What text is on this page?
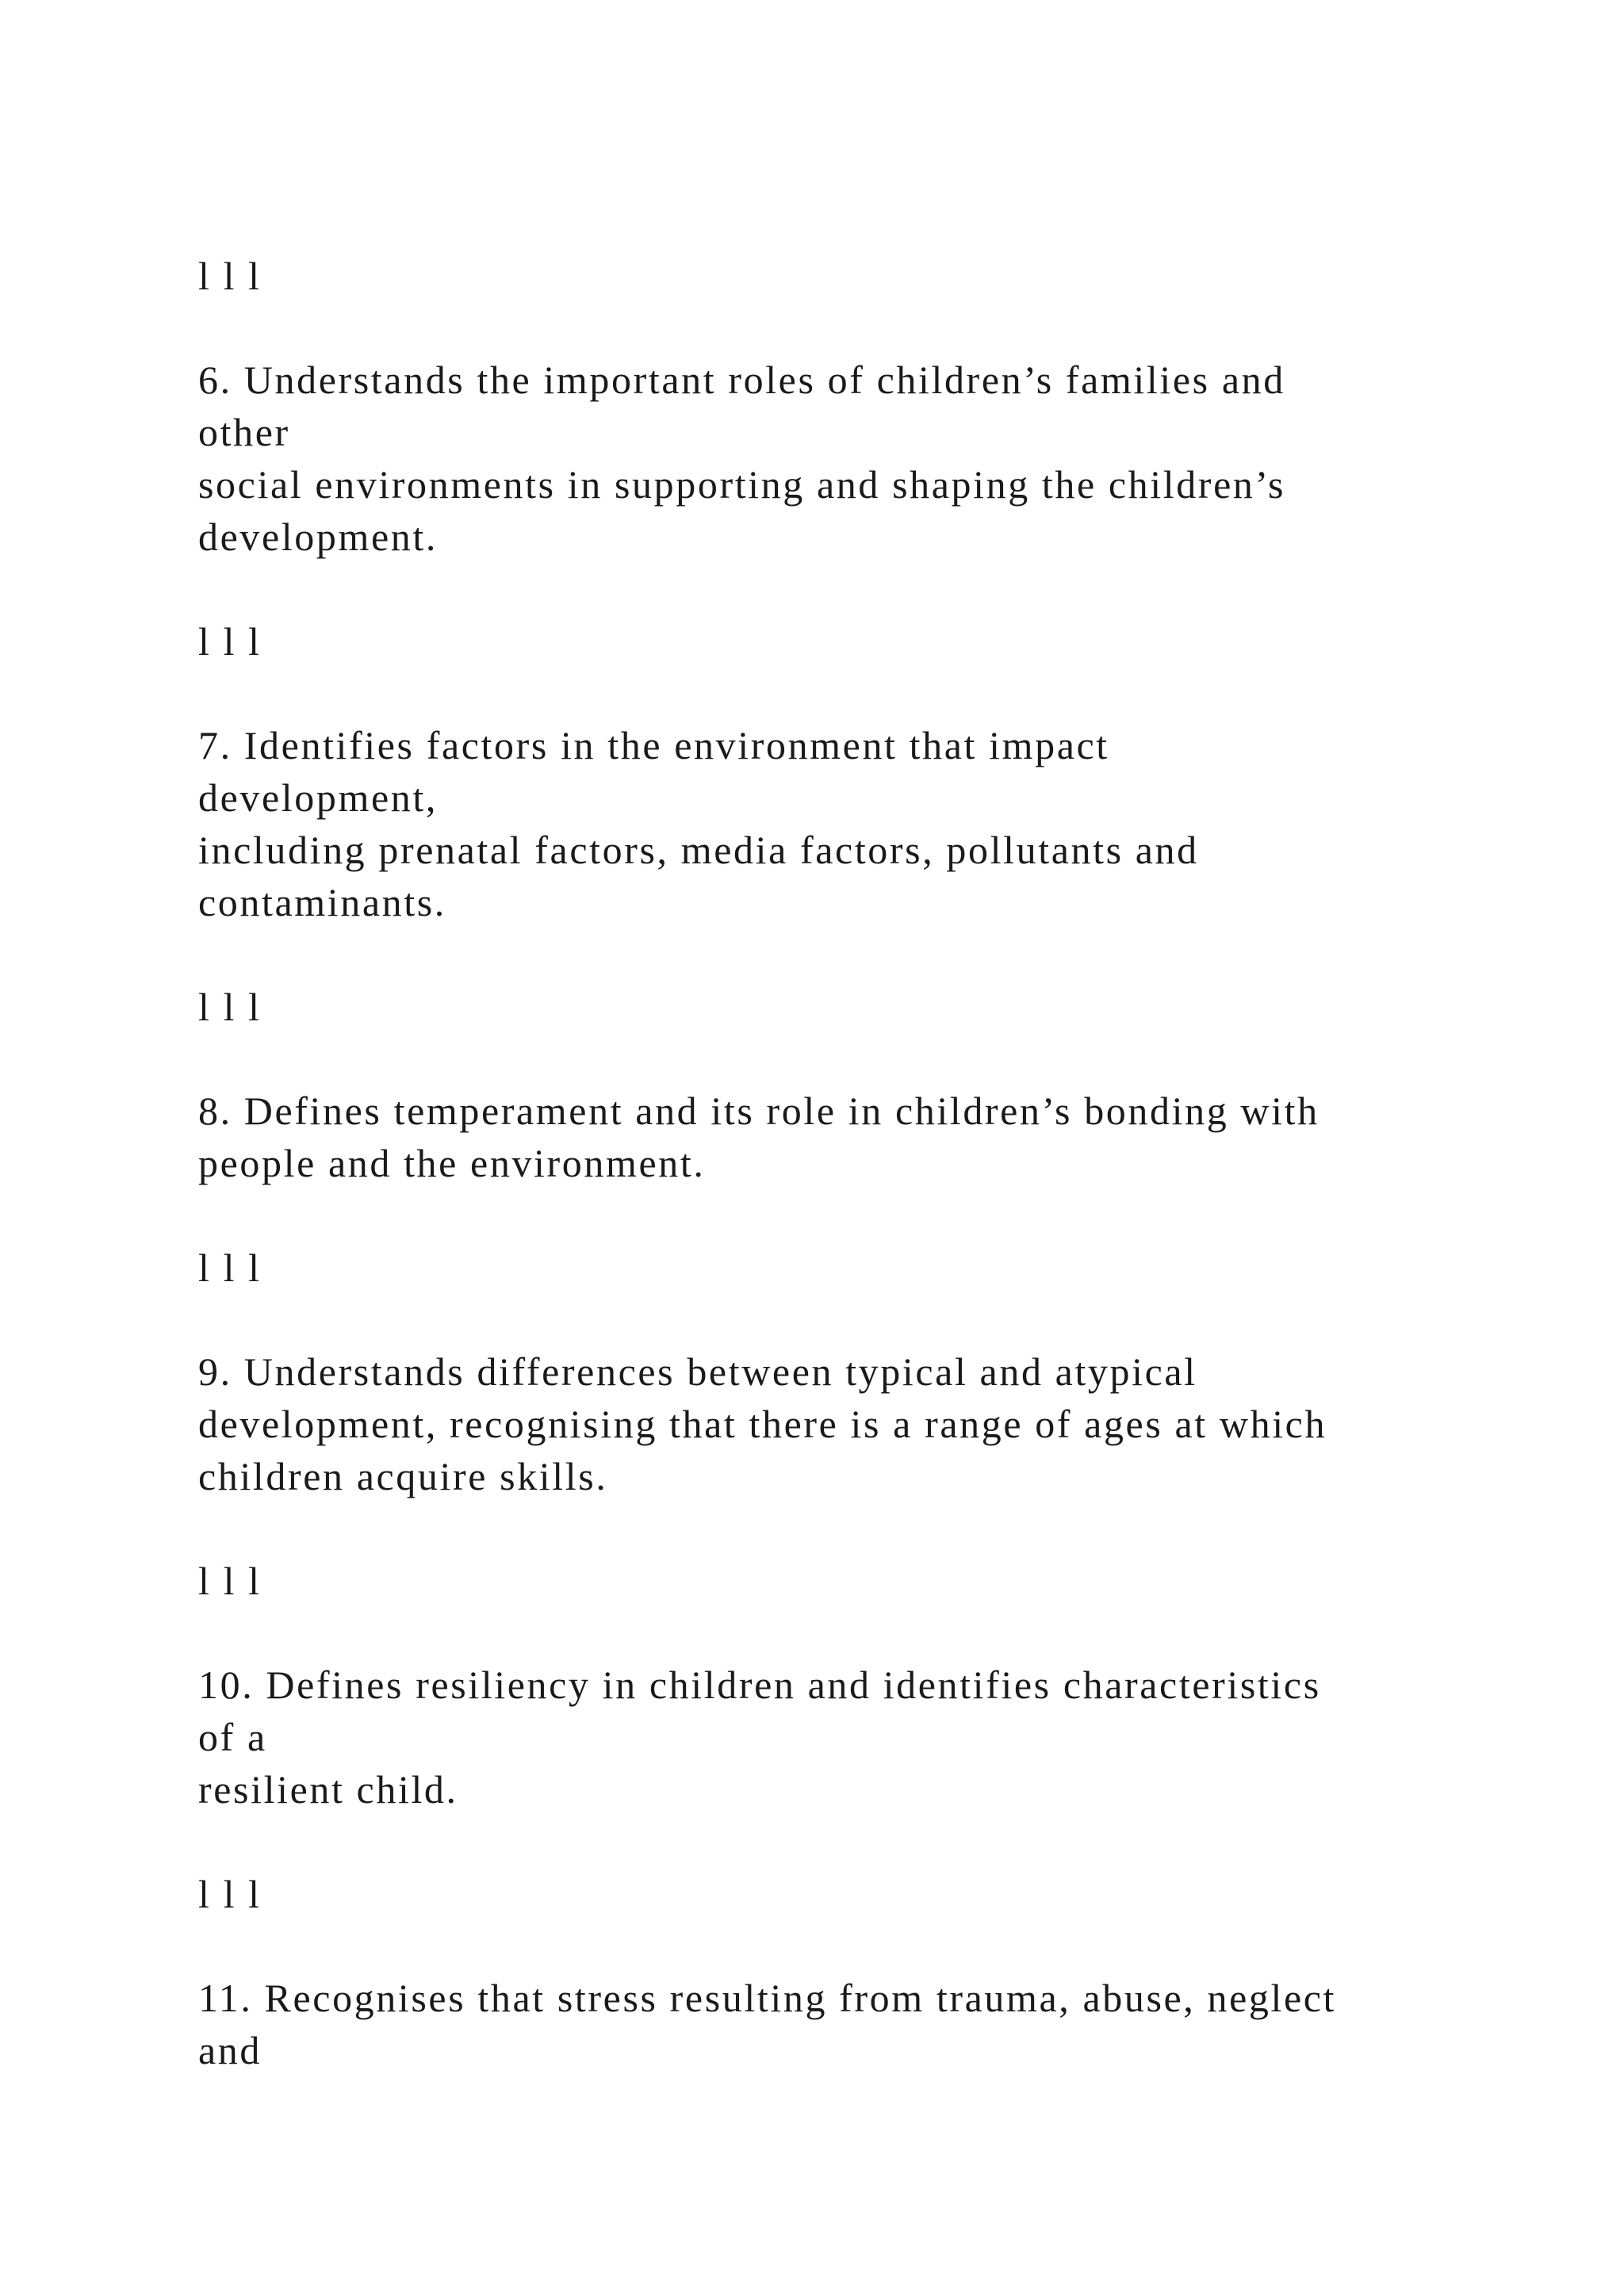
l l l

6. Understands the important roles of children’s families and

other

social environments in supporting and shaping the children’s

development.

l l l

7. Identifies factors in the environment that impact

development,

including prenatal factors, media factors, pollutants and

contaminants.

l l l

8. Defines temperament and its role in children’s bonding with

people and the environment.

l l l

9. Understands differences between typical and atypical

development, recognising that there is a range of ages at which

children acquire skills.

l l l

10. Defines resiliency in children and identifies characteristics

of a

resilient child.

l l l

11. Recognises that stress resulting from trauma, abuse, neglect

and
